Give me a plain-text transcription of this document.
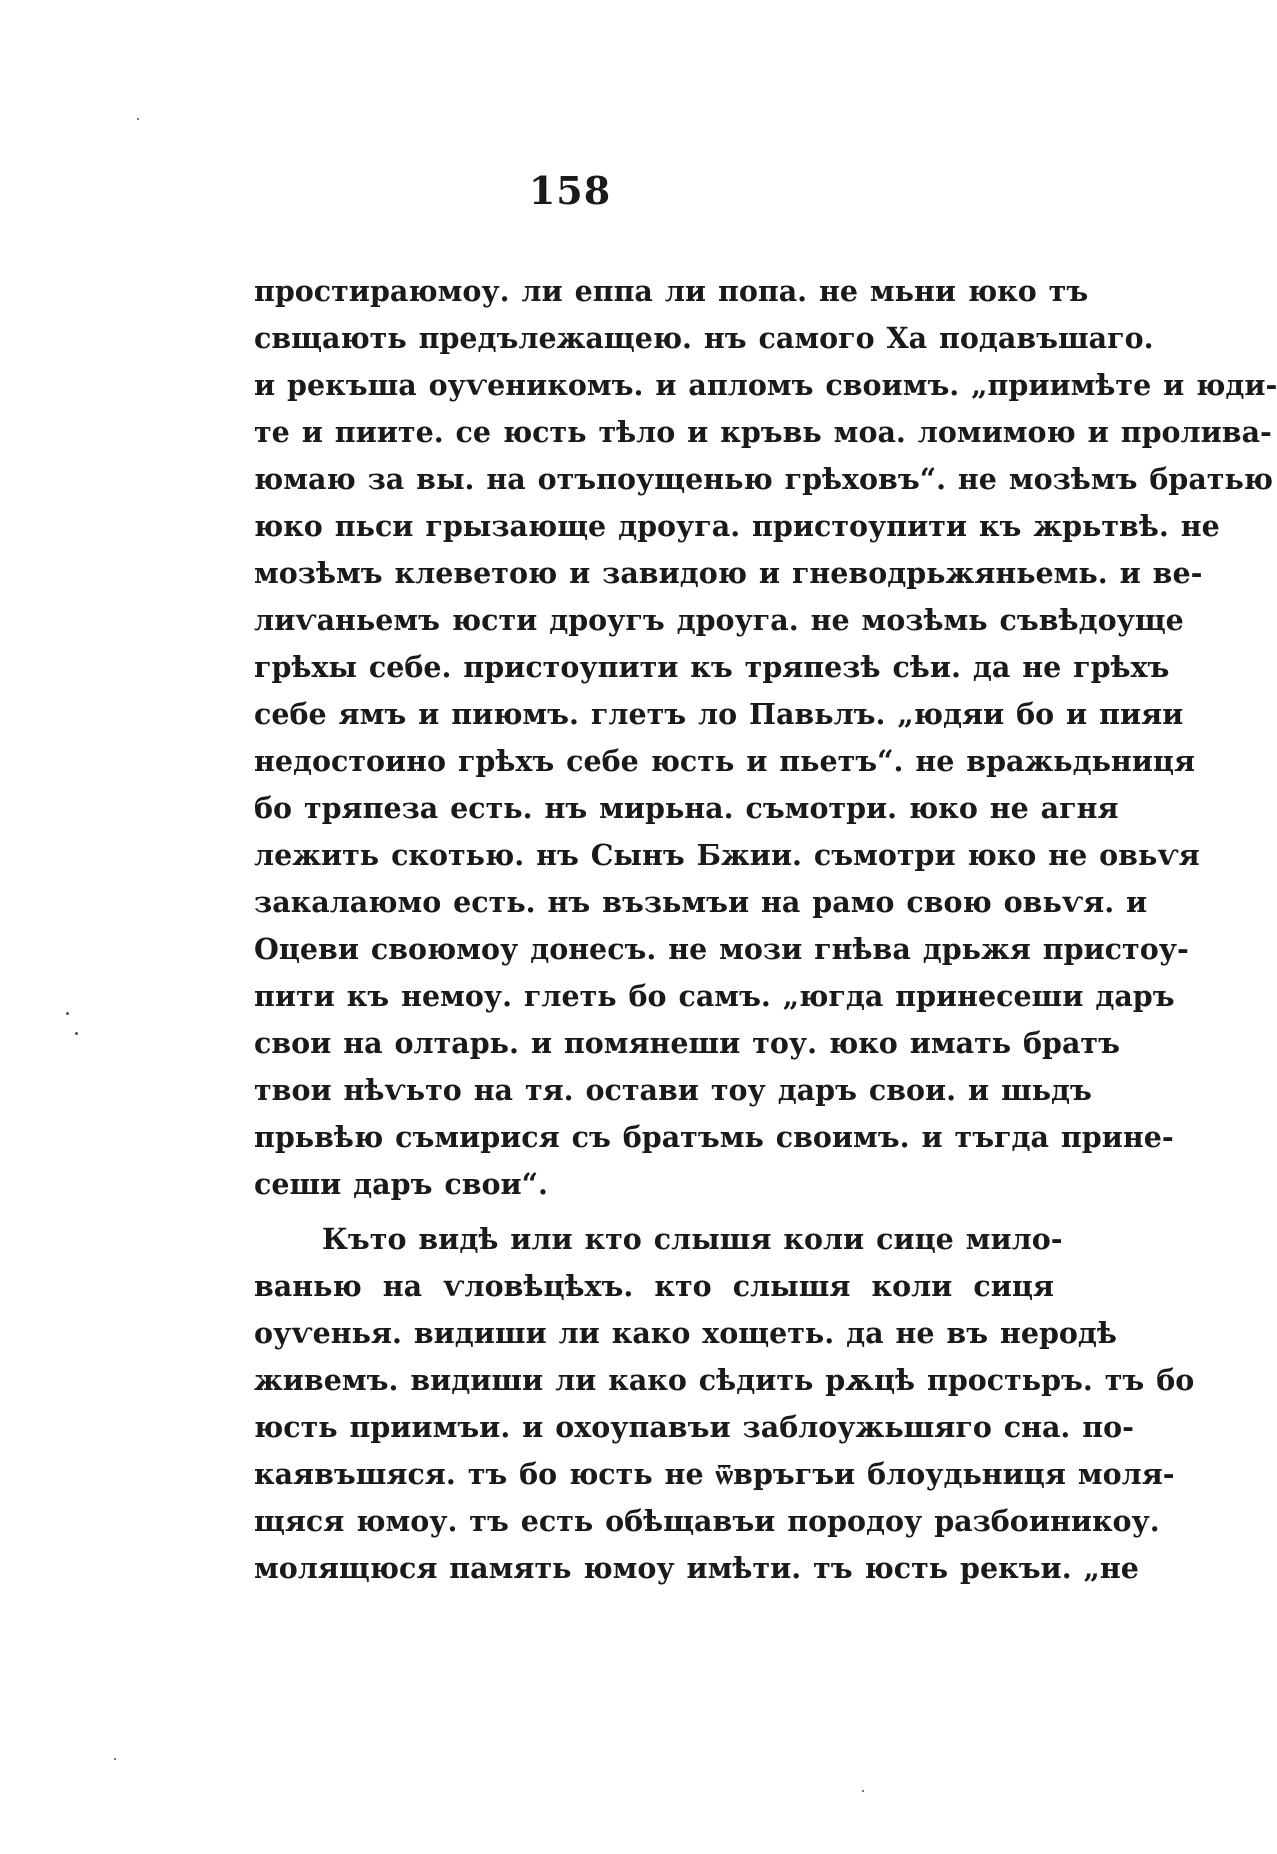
158
простираюмоу. ли еппа ли попа. не мьни юко тъ
свщають предълежащею. нъ самого Ха подавъшаго.
и рекъша оуѵеникомъ. и апломъ своимъ. „приимѣте и юди-
те и пиите. се юсть тѣло и кръвь моа. ломимою и пролива-
юмаю за вы. на отъпоущенью грѣховъ“. не мозѣмъ братью
юко пьси грызающе дроуга. пристоупити къ жрьтвѣ. не
мозѣмъ клеветою и завидою и гневодрьжяньемь. и ве-
лиѵаньемъ юсти дроугъ дроуга. не мозѣмь съвѣдоуще
грѣхы себе. пристоупити къ тряпезѣ сѣи. да не грѣхъ
себе ямъ и пиюмъ. глетъ ло Павьлъ. „юдяи бо и пияи
недостоино грѣхъ себе юсть и пьетъ“. не вражьдьниця
бо тряпеза есть. нъ мирьна. съмотри. юко не агня
лежить скотью. нъ Сынъ Бжии. съмотри юко не овьѵя
закалаюмо есть. нъ възьмъи на рамо свою овьѵя. и
Оцеви своюмоу донесъ. не мози гнѣва дрьжя пристоу-
пити къ немоу. глеть бо самъ. „югда принесеши даръ
свои на олтарь. и помянеши тоу. юко имать братъ
твои нѣѵьто на тя. остави тоу даръ свои. и шьдъ
прьвѣю съмирися съ братъмь своимъ. и тъгда прине-
сеши даръ свои“.
Къто видѣ или кто слышя коли сице мило-
ванью на ѵловѣцѣхъ. кто слышя коли сиця
оуѵенья. видиши ли како хощеть. да не въ неродѣ
живемъ. видиши ли како сѣдить рѫцѣ простьръ. тъ бо
юсть приимъи. и охоупавъи заблоужьшяго сна. по-
каявъшяся. тъ бо юсть не ѿвръгъи блоудьниця моля-
щяся юмоу. тъ есть обѣщавъи породоу разбоиникоу.
молящюся память юмоу имѣти. тъ юсть рекъи. „не
